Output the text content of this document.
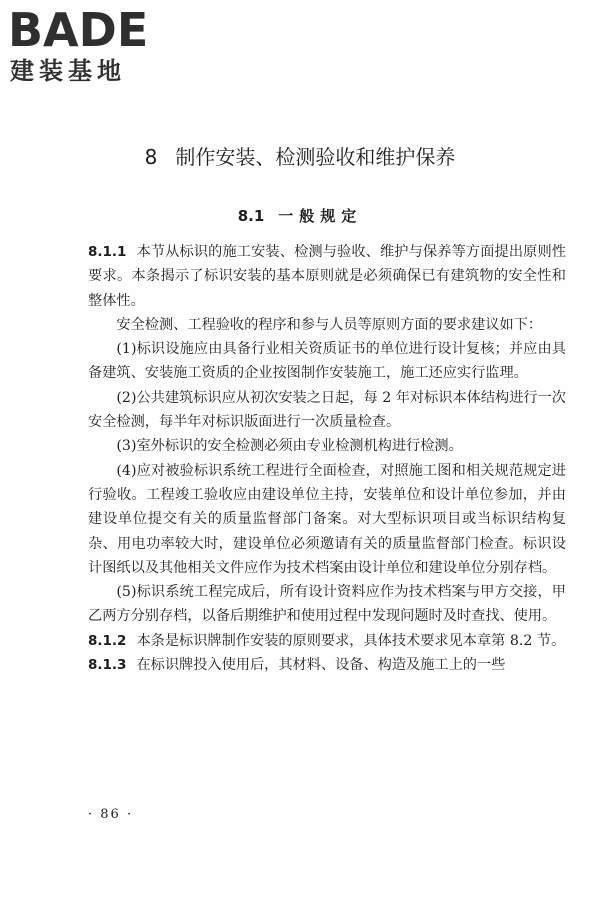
BADE
建装基地
8 制作安装、检测验收和维护保养
8.1 一般规定

8.1.1 本节从标识的施工安装、检测与验收、维护与保养等方面提出原则性要求。本条揭示了标识安装的基本原则就是必须确保已有建筑物的安全性和整体性。

安全检测、工程验收的程序和参与人员等原则方面的要求建议如下：

(1)标识设施应由具备行业相关资质证书的单位进行设计复核；并应由具备建筑、安装施工资质的企业按图制作安装施工，施工还应实行监理。

(2)公共建筑标识应从初次安装之日起，每 2 年对标识本体结构进行一次安全检测，每半年对标识版面进行一次质量检查。

(3)室外标识的安全检测必须由专业检测机构进行检测。

(4)应对被验标识系统工程进行全面检查，对照施工图和相关规范规定进行验收。工程竣工验收应由建设单位主持，安装单位和设计单位参加，并由建设单位提交有关的质量监督部门备案。对大型标识项目或当标识结构复杂、用电功率较大时，建设单位必须邀请有关的质量监督部门检查。标识设计图纸以及其他相关文件应作为技术档案由设计单位和建设单位分别存档。

(5)标识系统工程完成后，所有设计资料应作为技术档案与甲方交接，甲乙两方分别存档，以备后期维护和使用过程中发现问题时及时查找、使用。

8.1.2 本条是标识牌制作安装的原则要求，具体技术要求见本章第 8.2 节。

8.1.3 在标识牌投入使用后，其材料、设备、构造及施工上的一些

· 86 ·
